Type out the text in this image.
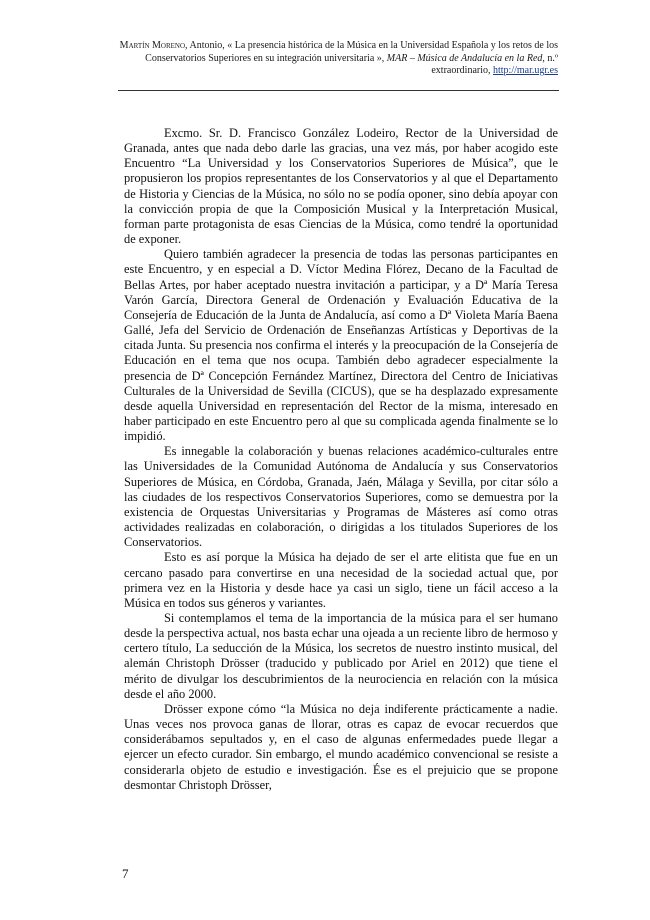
Martín Moreno, Antonio, « La presencia histórica de la Música en la Universidad Española y los retos de los Conservatorios Superiores en su integración universitaria », MAR – Música de Andalucía en la Red, n.º extraordinario, http://mar.ugr.es

Excmo. Sr. D. Francisco González Lodeiro, Rector de la Universidad de Granada, antes que nada debo darle las gracias, una vez más, por haber acogido este Encuentro “La Universidad y los Conservatorios Superiores de Música”, que le propusieron los propios representantes de los Conservatorios y al que el Departamento de Historia y Ciencias de la Música, no sólo no se podía oponer, sino debía apoyar con la convicción propia de que la Composición Musical y la Interpretación Musical, forman parte protagonista de esas Ciencias de la Música, como tendré la oportunidad de exponer.

Quiero también agradecer la presencia de todas las personas participantes en este Encuentro, y en especial a D. Víctor Medina Flórez, Decano de la Facultad de Bellas Artes, por haber aceptado nuestra invitación a participar, y a Dª María Teresa Varón García, Directora General de Ordenación y Evaluación Educativa de la Consejería de Educación de la Junta de Andalucía, así como a Dª Violeta María Baena Gallé, Jefa del Servicio de Ordenación de Enseñanzas Artísticas y Deportivas de la citada Junta. Su presencia nos confirma el interés y la preocupación de la Consejería de Educación en el tema que nos ocupa. También debo agradecer especialmente la presencia de Dª Concepción Fernández Martínez, Directora del Centro de Iniciativas Culturales de la Universidad de Sevilla (CICUS), que se ha desplazado expresamente desde aquella Universidad en representación del Rector de la misma, interesado en haber participado en este Encuentro pero al que su complicada agenda finalmente se lo impidió.

Es innegable la colaboración y buenas relaciones académico-culturales entre las Universidades de la Comunidad Autónoma de Andalucía y sus Conservatorios Superiores de Música, en Córdoba, Granada, Jaén, Málaga y Sevilla, por citar sólo a las ciudades de los respectivos Conservatorios Superiores, como se demuestra por la existencia de Orquestas Universitarias y Programas de Másteres así como otras actividades realizadas en colaboración, o dirigidas a los titulados Superiores de los Conservatorios.

Esto es así porque la Música ha dejado de ser el arte elitista que fue en un cercano pasado para convertirse en una necesidad de la sociedad actual que, por primera vez en la Historia y desde hace ya casi un siglo, tiene un fácil acceso a la Música en todos sus géneros y variantes.

Si contemplamos el tema de la importancia de la música para el ser humano desde la perspectiva actual, nos basta echar una ojeada a un reciente libro de hermoso y certero título, La seducción de la Música, los secretos de nuestro instinto musical, del alemán Christoph Drösser (traducido y publicado por Ariel en 2012) que tiene el mérito de divulgar los descubrimientos de la neurociencia en relación con la música desde el año 2000.

Drösser expone cómo “la Música no deja indiferente prácticamente a nadie. Unas veces nos provoca ganas de llorar, otras es capaz de evocar recuerdos que considerábamos sepultados y, en el caso de algunas enfermedades puede llegar a ejercer un efecto curador. Sin embargo, el mundo académico convencional se resiste a considerarla objeto de estudio e investigación. Ése es el prejuicio que se propone desmontar Christoph Drösser,

7
